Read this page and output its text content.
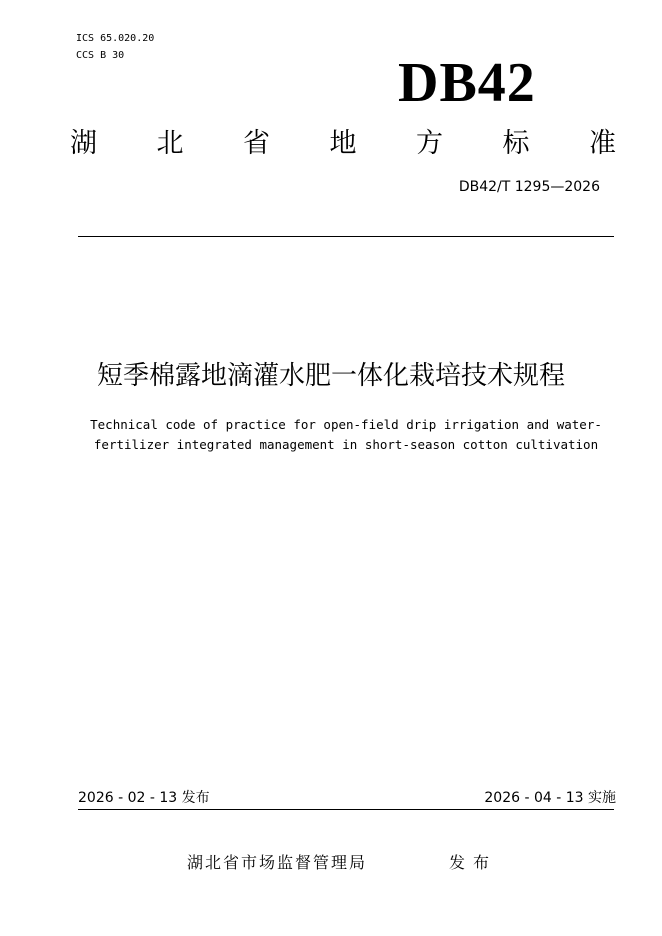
ICS 65.020.20
CCS B 30	DB42
湖 北 省 地 方 标 准
DB42/T 1295—2026
短季棉露地滴灌水肥一体化栽培技术规程
Technical code of practice for open-field drip irrigation and water-fertilizer integrated management in short-season cotton cultivation
2026 - 02 - 13 发布	2026 - 04 - 13 实施
湖北省市场监督管理局	发布
